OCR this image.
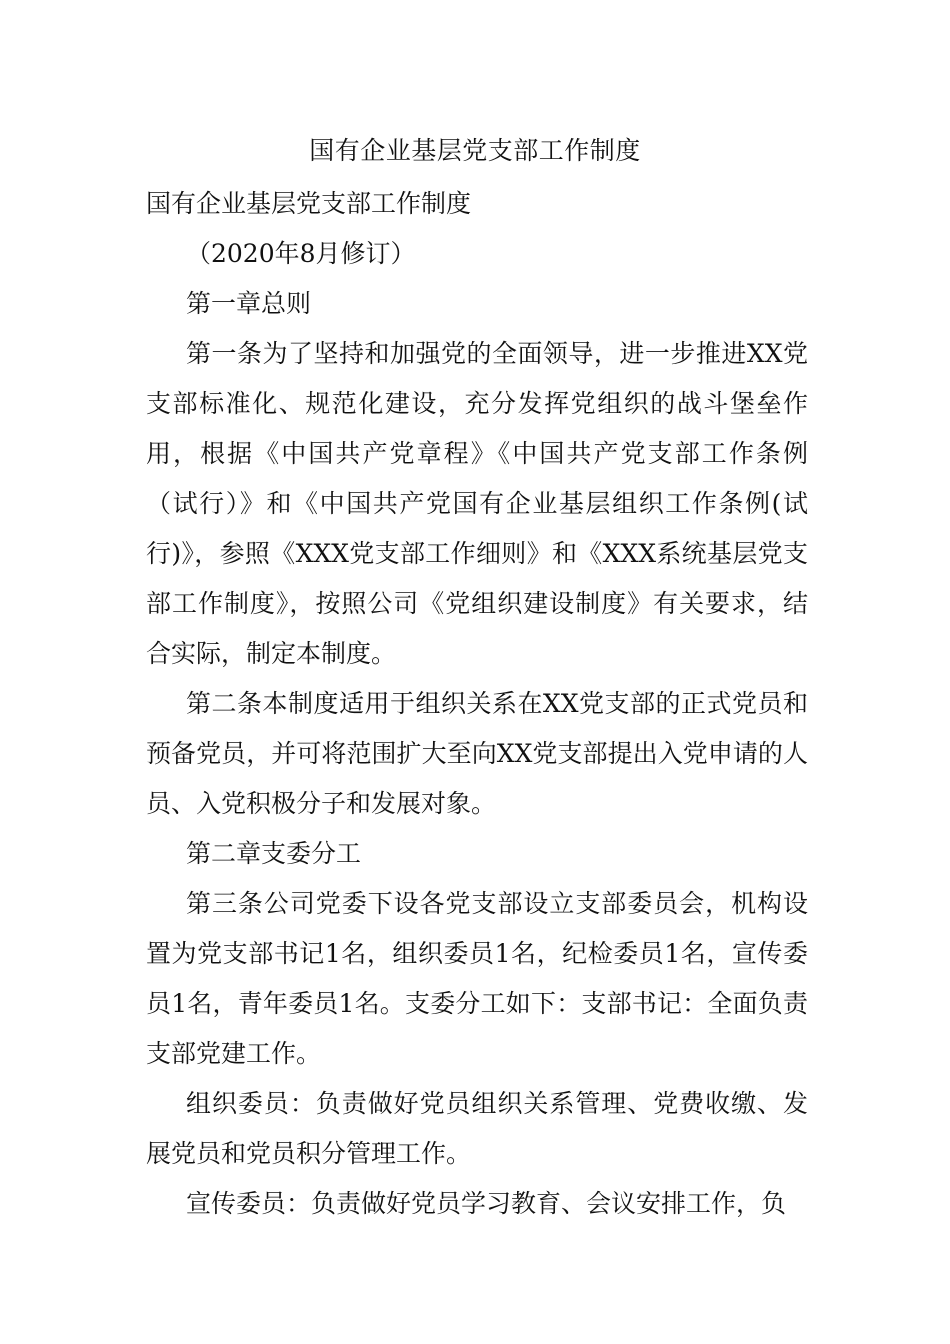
国有企业基层党支部工作制度

国有企业基层党支部工作制度

（2020年8月修订）

第一章总则

第一条为了坚持和加强党的全面领导，进一步推进XX党支部标准化、规范化建设，充分发挥党组织的战斗堡垒作用，根据《中国共产党章程》《中国共产党支部工作条例（试行）》和《中国共产党国有企业基层组织工作条例(试行)》，参照《XXX党支部工作细则》和《XXX系统基层党支部工作制度》，按照公司《党组织建设制度》有关要求，结合实际，制定本制度。

第二条本制度适用于组织关系在XX党支部的正式党员和预备党员，并可将范围扩大至向XX党支部提出入党申请的人员、入党积极分子和发展对象。

第二章支委分工

第三条公司党委下设各党支部设立支部委员会，机构设置为党支部书记1名，组织委员1名，纪检委员1名，宣传委员1名，青年委员1名。支委分工如下：支部书记：全面负责支部党建工作。

组织委员：负责做好党员组织关系管理、党费收缴、发展党员和党员积分管理工作。

宣传委员：负责做好党员学习教育、会议安排工作，负
